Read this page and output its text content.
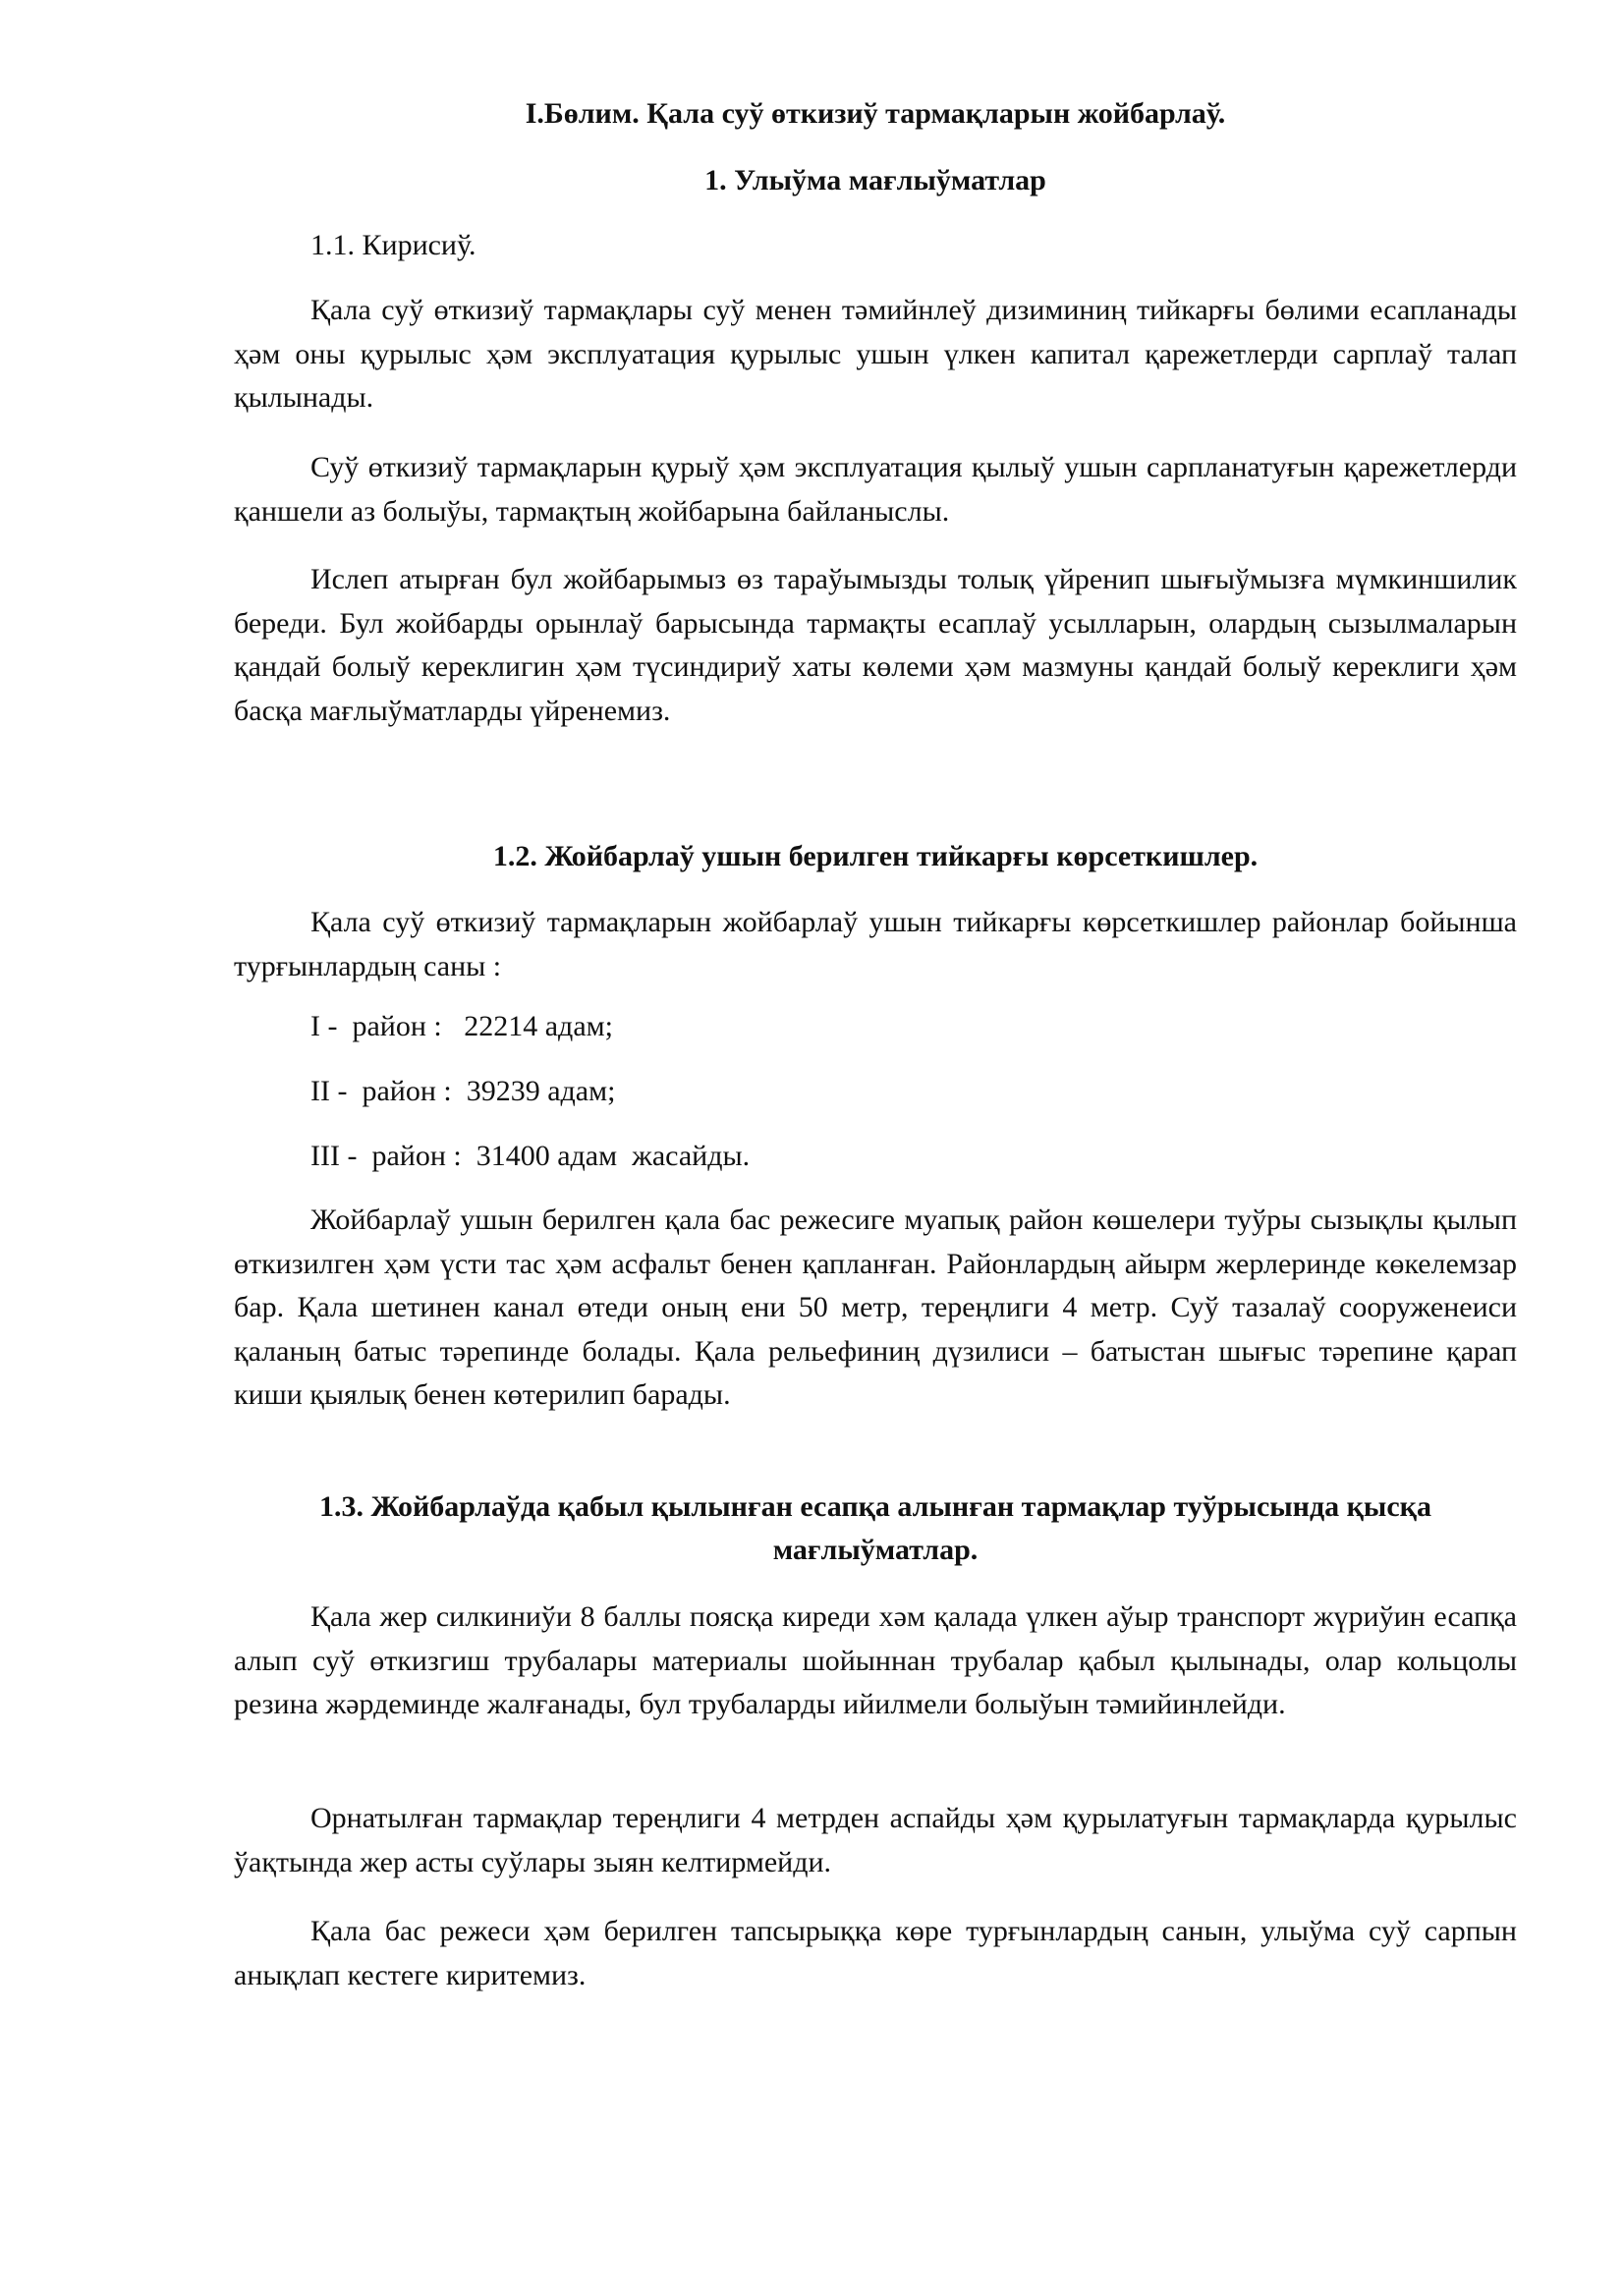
I.Бөлим. Қала суў өткизиў тармақларын жойбарлаў.

1. Улыўма мағлыўматлар

1.1. Кирисиў.

Қала суў өткизиў тармақлары суў менен тәмийнлеў дизиминиң тийкарғы бөлими есапланады ҳәм оны қурылыс ҳәм эксплуатация қурылыс ушын үлкен капитал қарежетлерди сарплаў талап қылынады.

Суў өткизиў тармақларын қурыў ҳәм эксплуатация қылыў ушын сарпланатуғын қарежетлерди қаншели аз болыўы, тармақтың жойбарына байланыслы.

Ислеп атырған бул жойбарымыз өз тараўымызды толық үйренип шығыўмызға мүмкиншилик береди. Бул жойбарды орынлаў барысында тармақты есаплаў усылларын, олардың сызылмаларын қандай болыў кереклигин ҳәм түсиндириў хаты көлеми ҳәм мазмуны қандай болыў кереклиги ҳәм басқа мағлыўматларды үйренемиз.

1.2. Жойбарлаў ушын берилген тийкарғы көрсеткишлер.

Қала суў өткизиў тармақларын жойбарлаў ушын тийкарғы көрсеткишлер районлар бойынша турғынлардың саны :

I -  район :   22214 адам;

II -  район :  39239 адам;

III -  район :  31400 адам  жасайды.

Жойбарлаў ушын берилген қала бас режесиге муапық район көшелери туўры сызықлы қылып өткизилген ҳәм үсти тас ҳәм асфальт бенен қапланған. Районлардың айырм жерлеринде көкелемзар бар. Қала шетинен канал өтеди оның ени 50 метр, тереңлиги 4 метр. Суў тазалаў сооруженеиси қаланың батыс тәрепинде болады. Қала рельефиниң дүзилиси – батыстан шығыс тәрепине қарап киши қыялық бенен көтерилип барады.

1.3. Жойбарлаўда қабыл қылынған есапқа алынған тармақлар туўрысында қысқа мағлыўматлар.

Қала жер силкиниўи 8 баллы поясқа киреди хәм қалада үлкен аўыр транспорт жүриўин есапқа алып суў өткизгиш трубалары материалы шойыннан трубалар қабыл қылынады, олар кольцолы резина жәрдеминде жалғанады, бул трубаларды ийилмели болыўын тәмийинлейди.

Орнатылған тармақлар тереңлиги 4 метрден аспайды ҳәм қурылатуғын тармақларда қурылыс ўақтында жер асты суўлары зыян келтирмейди.

Қала бас режеси ҳәм берилген тапсырыққа көре турғынлардың санын, улыўма суў сарпын анықлап кестеге киритемиз.
